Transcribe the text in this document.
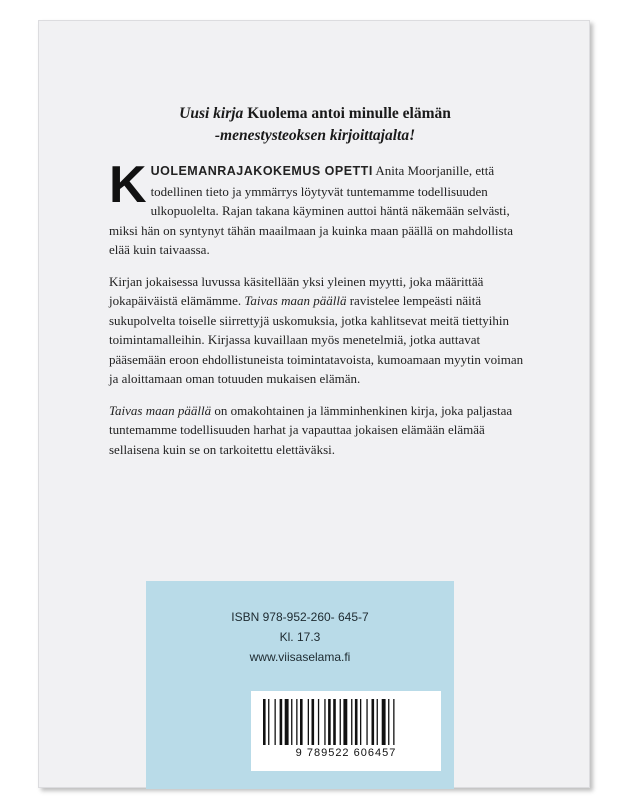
Uusi kirja Kuolema antoi minulle elämän
-menestysteoksen kirjoittajalta!

KUOLEMANRAJAKOKEMUS OPETTI Anita Moorjanille, että todellinen tieto ja ymmärrys löytyvät tuntemamme todellisuuden ulkopuolelta. Rajan takana käyminen auttoi häntä näkemään selvästi, miksi hän on syntynyt tähän maailmaan ja kuinka maan päällä on mahdollista elää kuin taivaassa.

Kirjan jokaisessa luvussa käsitellään yksi yleinen myytti, joka määrittää jokapäiväistä elämämme. Taivas maan päällä ravistelee lempeästi näitä sukupolvelta toiselle siirrettyjä uskomuksia, jotka kahlitsevat meitä tiettyihin toimintamalleihin. Kirjassa kuvaillaan myös menetelmiä, jotka auttavat pääsemään eroon ehdollistuneista toimintatavoista, kumoamaan myytin voiman ja aloittamaan oman totuuden mukaisen elämän.

Taivas maan päällä on omakohtainen ja lämminhenkinen kirja, joka paljastaa tuntemamme todellisuuden harhat ja vapauttaa jokaisen elämään elämää sellaisena kuin se on tarkoitettu elettäväksi.

ISBN 978-952-260- 645-7
Kl. 17.3
www.viisaselama.fi
9 789522 606457
